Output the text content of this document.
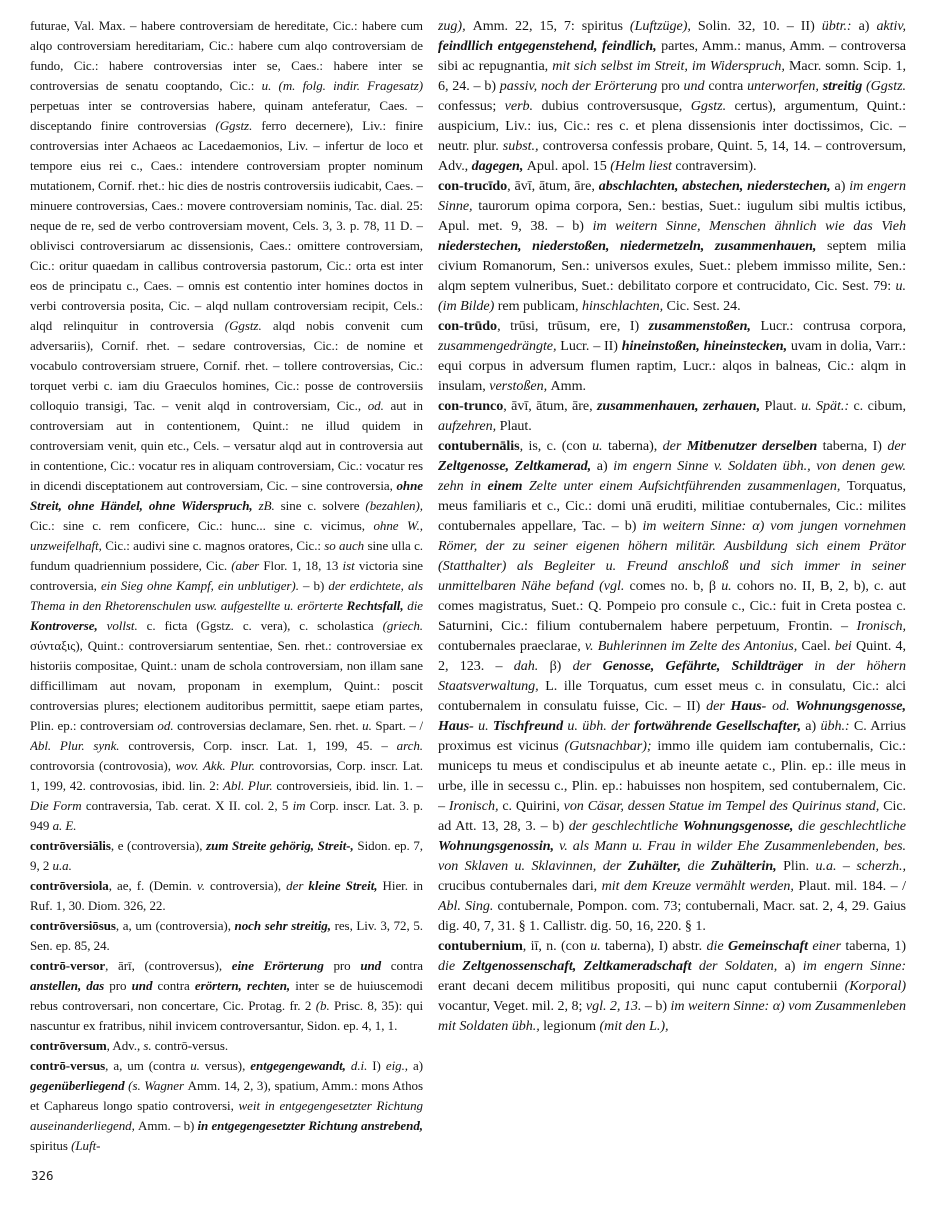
futurae, Val. Max. – habere controversiam de hereditate, Cic.: habere cum alqo controversiam hereditariam, Cic.: habere cum alqo controversiam de fundo, Cic.: habere controversias inter se, Caes.: habere inter se controversias de senatu cooptando, Cic.: u. (m. folg. indir. Fragesatz) perpetuas inter se controversias habere, quinam anteferatur, Caes. – disceptando finire controversias (Ggstz. ferro decernere), Liv.: finire controversias inter Achaeos ac Lacedaemonios, Liv. – infertur de loco et tempore eius rei c., Caes.: intendere controversiam propter nominum mutationem, Cornif. rhet.: hic dies de nostris controversiis iudicabit, Caes. – minuere controversias, Caes.: movere controversiam nominis, Tac. dial. 25: neque de re, sed de verbo controversiam movent, Cels. 3, 3. p. 78, 11 D. – oblivisci controversiarum ac dissensionis, Caes.: omittere controversiam, Cic.: oritur quaedam in callibus controversia pastorum, Cic.: orta est inter eos de principatu c., Caes. – omnis est contentio inter homines doctos in verbi controversia posita, Cic. – alqd nullam controversiam recipit, Cels.: alqd relinquitur in controversia (Ggstz. alqd nobis convenit cum adversariis), Cornif. rhet. – sedare controversias, Cic.: de nomine et vocabulo controversiam struere, Cornif. rhet. – tollere controversias, Cic.: torquet verbi c. iam diu Graeculos homines, Cic.: posse de controversiis colloquio transigi, Tac. – venit alqd in controversiam, Cic., od. aut in controversiam aut in contentionem, Quint.: ne illud quidem in controversiam venit, quin etc., Cels. – versatur alqd aut in controversia aut in contentione, Cic.: vocatur res in aliquam controversiam, Cic.: vocatur res in dicendi disceptationem aut controversiam, Cic. – sine controversia, ohne Streit, ohne Händel, ohne Widerspruch, zB. sine c. solvere (bezahlen), Cic.: sine c. rem conficere, Cic.: hunc... sine c. vicimus, ohne W., unzweifelhaft, Cic.: audivi sine c. magnos oratores, Cic.: so auch sine ulla c. fundum quadriennium possidere, Cic. (aber Flor. 1, 18, 13 ist victoria sine controversia, ein Sieg ohne Kampf, ein unblutiger). – b) der erdichtete, als Thema in den Rhetorenschulen usw. aufgestellte u. erörterte Rechtsfall, die Kontroverse, vollst. c. ficta (Ggstz. c. vera), c. scholastica (griech. σύνταξις), Quint.: controversiarum sententiae, Sen. rhet.: controversiae ex historiis compositae, Quint.: unam de schola controversiam, non illam sane difficillimam aut novam, proponam in exemplum, Quint.: poscit controversias plures; electionem auditoribus permittit, saepe etiam partes, Plin. ep.: controversiam od. controversias declamare, Sen. rhet. u. Spart. – / Abl. Plur. synk. controversis, Corp. inscr. Lat. 1, 199, 45. – arch. controvorsia (controvosia), wov. Akk. Plur. controvorsias, Corp. inscr. Lat. 1, 199, 42. controvosias, ibid. lin. 2: Abl. Plur. controversieis, ibid. lin. 1. – Die Form contraversia, Tab. cerat. X II. col. 2, 5 im Corp. inscr. Lat. 3. p. 949 a. E.

contrōversiālis, e (controversia), zum Streite gehörig, Streit-, Sidon. ep. 7, 9, 2 u.a.

contrōversiola, ae, f. (Demin. v. controversia), der kleine Streit, Hier. in Ruf. 1, 30. Diom. 326, 22.

contrōversiōsus, a, um (controversia), noch sehr streitig, res, Liv. 3, 72, 5. Sen. ep. 85, 24.

contrō-versor, ārī, (controversus), eine Erörterung pro und contra anstellen, das pro und contra erörtern, rechten, inter se de huiuscemodi rebus controversari, non concertare, Cic. Protag. fr. 2 (b. Prisc. 8, 35): qui nascuntur ex fratribus, nihil invicem controversantur, Sidon. ep. 4, 1, 1.

contrōversum, Adv., s. contrō-versus.

contrō-versus, a, um (contra u. versus), entgegengewandt, d.i. I) eig., a) gegenüberliegend (s. Wagner Amm. 14, 2, 3), spatium, Amm.: mons Athos et Caphareus longo spatio controversi, weit in entgegengesetzter Richtung auseinanderliegend, Amm. – b) in entgegengesetzter Richtung anstrebend, spiritus (Luft-

zug), Amm. 22, 15, 7: spiritus (Luftzüge), Solin. 32, 10. – II) übtr.: a) aktiv, feindllich entgegenstehend, feindlich, partes, Amm.: manus, Amm. – controversa sibi ac repugnantia, mit sich selbst im Streit, im Widerspruch, Macr. somn. Scip. 1, 6, 24. – b) passiv, noch der Erörterung pro und contra unterworfen, streitig (Ggstz. confessus; verb. dubius controversusque, Ggstz. certus), argumentum, Quint.: auspicium, Liv.: ius, Cic.: res c. et plena dissensionis inter doctissimos, Cic. – neutr. plur. subst., controversa confessis probare, Quint. 5, 14, 14. – controversum, Adv., dagegen, Apul. apol. 15 (Helm liest contraversim).

con-trucīdo, āvī, ātum, āre, abschlachten, abstechen, niederstechen, a) im engern Sinne, taurorum opima corpora, Sen.: bestias, Suet.: iugulum sibi multis ictibus, Apul. met. 9, 38. – b) im weitern Sinne, Menschen ähnlich wie das Vieh niederstechen, niederstoßen, niedermetzeln, zusammenhauen, septem milia civium Romanorum, Sen.: universos exules, Suet.: plebem immisso milite, Sen.: alqm septem vulneribus, Suet.: debilitato corpore et contrucidato, Cic. Sest. 79: u. (im Bilde) rem publicam, hinschlachten, Cic. Sest. 24.

con-trūdo, trūsi, trūsum, ere, I) zusammenstoßen, Lucr.: contrusa corpora, zusammengedrängte, Lucr. – II) hineinstoßen, hineinstecken, uvam in dolia, Varr.: equi corpus in adversum flumen raptim, Lucr.: alqos in balneas, Cic.: alqm in insulam, verstoßen, Amm.

con-trunco, āvī, ātum, āre, zusammenhauen, zerhauen, Plaut. u. Spät.: c. cibum, aufzehren, Plaut.

contubernālis, is, c. (con u. taberna), der Mitbenutzer derselben taberna, I) der Zeltgenosse, Zeltkamerad, a) im engern Sinne v. Soldaten übh., von denen gew. zehn in einem Zelte unter einem Aufsichtführenden zusammenlagen, Torquatus, meus familiaris et c., Cic.: domi unā eruditi, militiae contubernales, Cic.: milites contubernales appellare, Tac. – b) im weitern Sinne: α) vom jungen vornehmen Römer, der zu seiner eigenen höhern militär. Ausbildung sich einem Prätor (Statthalter) als Begleiter u. Freund anschloß und sich immer in seiner unmittelbaren Nähe befand (vgl. comes no. b, β u. cohors no. II, B, 2, b), c. aut comes magistratus, Suet.: Q. Pompeio pro consule c., Cic.: fuit in Creta postea c. Saturnini, Cic.: filium contubernalem habere perpetuum, Frontin. – Ironisch, contubernales praeclarae, v. Buhlerinnen im Zelte des Antonius, Cael. bei Quint. 4, 2, 123. – dah. β) der Genosse, Gefährte, Schildträger in der höhern Staatsverwaltung, L. ille Torquatus, cum esset meus c. in consulatu, Cic.: alci contubernalem in consulatu fuisse, Cic. – II) der Haus- od. Wohnungsgenosse, Haus- u. Tischfreund u. übh. der fortwährende Gesellschafter, a) übh.: C. Arrius proximus est vicinus (Gutsnachbar); immo ille quidem iam contubernalis, Cic.: municeps tu meus et condiscipulus et ab ineunte aetate c., Plin. ep.: ille meus in urbe, ille in secessu c., Plin. ep.: habuisses non hospitem, sed contubernalem, Cic. – Ironisch, c. Quirini, von Cäsar, dessen Statue im Tempel des Quirinus stand, Cic. ad Att. 13, 28, 3. – b) der geschlechtliche Wohnungsgenosse, die geschlechtliche Wohnungsgenossin, v. als Mann u. Frau in wilder Ehe Zusammenlebenden, bes. von Sklaven u. Sklavinnen, der Zuhälter, die Zuhälterin, Plin. u.a. – scherzh., crucibus contubernales dari, mit dem Kreuze vermählt werden, Plaut. mil. 184. – / Abl. Sing. contubernale, Pompon. com. 73; contubernali, Macr. sat. 2, 4, 29. Gaius dig. 40, 7, 31. § 1. Callistr. dig. 50, 16, 220. § 1.

contubernium, iī, n. (con u. taberna), I) abstr. die Gemeinschaft einer taberna, 1) die Zeltgenossenschaft, Zeltkameradschaft der Soldaten, a) im engern Sinne: erant decani decem militibus propositi, qui nunc caput contubernii (Korporal) vocantur, Veget. mil. 2, 8; vgl. 2, 13. – b) im weitern Sinne: α) vom Zusammenleben mit Soldaten übh., legionum (mit den L.),

326
